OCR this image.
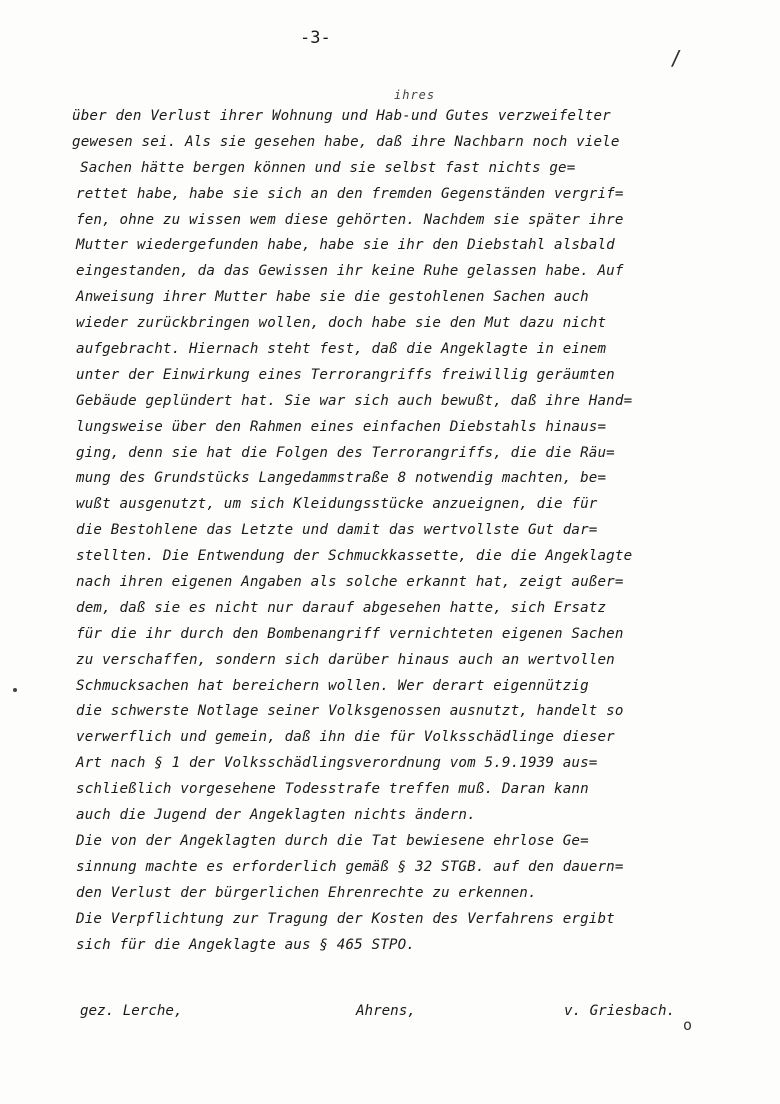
-3-
/
ihres
über den Verlust ihrer Wohnung und Hab-und Gutes verzweifelter
gewesen sei. Als sie gesehen habe, daß ihre Nachbarn noch viele
Sachen hätte bergen können und sie selbst fast nichts ge=
rettet habe, habe sie sich an den fremden Gegenständen vergrif=
fen, ohne zu wissen wem diese gehörten. Nachdem sie später ihre
Mutter wiedergefunden habe, habe sie ihr den Diebstahl alsbald
eingestanden, da das Gewissen ihr keine Ruhe gelassen habe. Auf
Anweisung ihrer Mutter habe sie die gestohlenen Sachen auch
wieder zurückbringen wollen, doch habe sie den Mut dazu nicht
aufgebracht. Hiernach steht fest, daß die Angeklagte in einem
unter der Einwirkung eines Terrorangriffs freiwillig geräumten
Gebäude geplündert hat. Sie war sich auch bewußt, daß ihre Hand=
lungsweise über den Rahmen eines einfachen Diebstahls hinaus=
ging, denn sie hat die Folgen des Terrorangriffs, die die Räu=
mung des Grundstücks Langedammstraße 8 notwendig machten, be=
wußt ausgenutzt, um sich Kleidungsstücke anzueignen, die für
die Bestohlene das Letzte und damit das wertvollste Gut dar=
stellten. Die Entwendung der Schmuckkassette, die die Angeklagte
nach ihren eigenen Angaben als solche erkannt hat, zeigt außer=
dem, daß sie es nicht nur darauf abgesehen hatte, sich Ersatz
für die ihr durch den Bombenangriff vernichteten eigenen Sachen
zu verschaffen, sondern sich darüber hinaus auch an wertvollen
Schmucksachen hat bereichern wollen. Wer derart eigennützig
die schwerste Notlage seiner Volksgenossen ausnutzt, handelt so
verwerflich und gemein, daß ihn die für Volksschädlinge dieser
Art nach § 1 der Volksschädlingsverordnung vom 5.9.1939 aus=
schließlich vorgesehene Todesstrafe treffen muß. Daran kann
auch die Jugend der Angeklagten nichts ändern.
Die von der Angeklagten durch die Tat bewiesene ehrlose Ge=
sinnung machte es erforderlich gemäß § 32 STGB. auf den dauern=
den Verlust der bürgerlichen Ehrenrechte zu erkennen.
Die Verpflichtung zur Tragung der Kosten des Verfahrens ergibt
sich für die Angeklagte aus § 465 STPO.
gez. Lerche,	Ahrens,	v. Griesbach.
o
